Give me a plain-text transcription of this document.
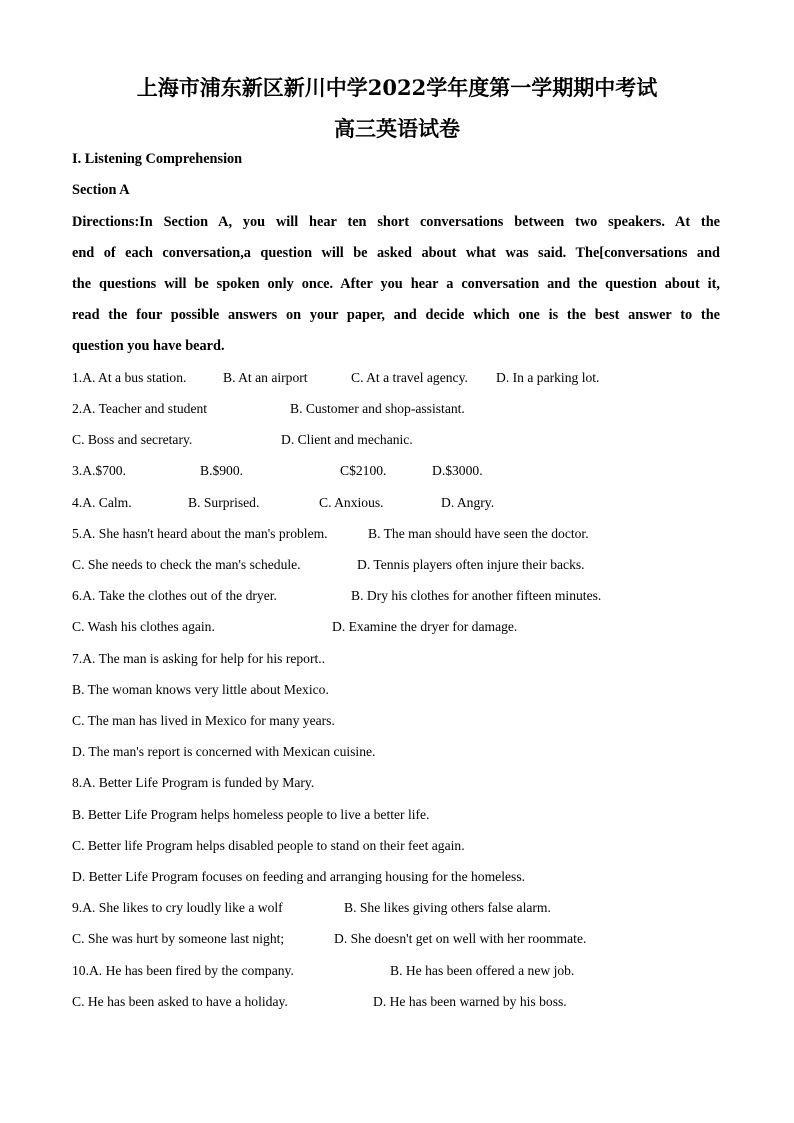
上海市浦东新区新川中学2022学年度第一学期期中考试
高三英语试卷
I. Listening Comprehension
Section A
Directions:In Section A, you will hear ten short conversations between two speakers. At the
end of each conversation,a question will be asked about what was said. The[conversations and
the questions will be spoken only once. After you hear a conversation and the question about it,
read the four possible answers on your paper, and decide which one is the best answer to the
question you have beard.
1.A. At a bus station.	B. At an airport	C. At a travel agency. D. In a parking lot.
2.A. Teacher and student	B. Customer and shop-assistant.
C. Boss and secretary.	D. Client and mechanic.
3.A.$700.	B.$900.	C$2100.	D.$3000.
4.A. Calm.	B. Surprised.	C. Anxious.	D. Angry.
5.A. She hasn't heard about the man's problem.	B. The man should have seen the doctor.
C. She needs to check the man's schedule.	D. Tennis players often injure their backs.
6.A. Take the clothes out of the dryer.	B. Dry his clothes for another fifteen minutes.
C. Wash his clothes again.	D. Examine the dryer for damage.
7.A. The man is asking for help for his report..
B. The woman knows very little about Mexico.
C. The man has lived in Mexico for many years.
D. The man's report is concerned with Mexican cuisine.
8.A. Better Life Program is funded by Mary.
B. Better Life Program helps homeless people to live a better life.
C. Better life Program helps disabled people to stand on their feet again.
D. Better Life Program focuses on feeding and arranging housing for the homeless.
9.A. She likes to cry loudly like a wolf	B. She likes giving others false alarm.
C. She was hurt by someone last night;	D. She doesn't get on well with her roommate.
10.A. He has been fired by the company.	B. He has been offered a new job.
C. He has been asked to have a holiday.	D. He has been warned by his boss.
